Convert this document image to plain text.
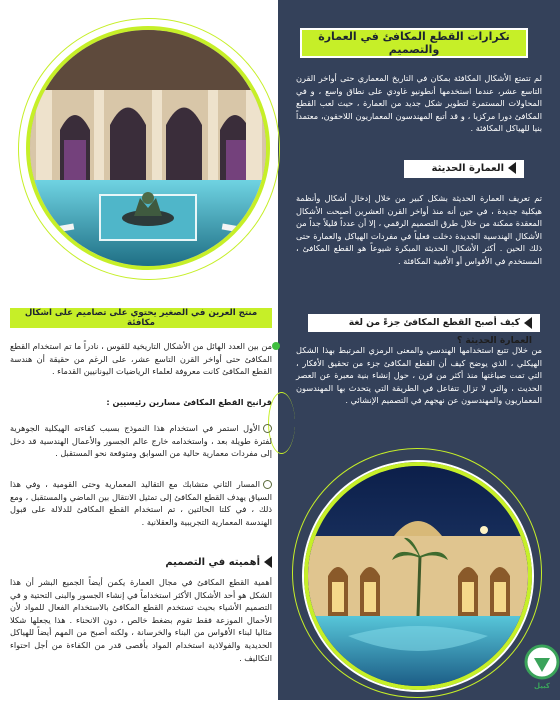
تكرارات القطع المكافئ في العمارة والتصميم
لم تتمتع الأشكال المكافئة بمكان في التاريخ المعماري حتى أواخر القرن التاسع عشر، عندما استخدمها أنطونيو غاودي على نطاق واسع ، و في المحاولات المستمرة لتطوير شكل جديد من العمارة ، حيث لعب القطع المكافئ دورا مركزيا ، و قد أتبع المهندسون المعماريون اللاحقون، معتمداً بنيا للهياكل المكافئة .
العمارة الحديثة
تم تعريف العمارة الحديثة بشكل كبير من خلال إدخال أشكال وأنظمة هيكلية جديدة ، في حين أنه منذ أواخر القرن العشرين أصبحت الأشكال المعقدة ممكنة من خلال طرق التصميم الرقمي ، إلا أن عدداً قليلاً جداً من الأشكال الهندسية الجديدة دخلت فعلياً في مفردات الهياكل والعمارة حتى ذلك الحين . أكثر الأشكال الحديثة المبكرة شيوعاً هو القطع المكافئ ، المستخدم في الأقواس أو الأقبية المكافئة .
كيف أصبح القطع المكافئ جزءً من لغة العمارة الحديثة ؟
من خلال تتبع استخدامها الهندسي والمعنى الرمزي المرتبط بهذا الشكل الهيكلي ، الذي يوضح كيف أن القطع المكافئ جزء من تحقيق الأفكار ، التي تمت صياغتها منذ أكثر من قرن ، حول إنشاء بنية معبرة عن العصر الحديث ، والتي لا تزال تتفاعل في الطريقة التي يتحدث بها المهندسون المعماريون والمهندسون عن نهجهم في التصميم الإنشائي .
منتج العرين في الصغير يحتوي على تصاميم على اشكال مكافئة
من بين العدد الهائل من الأشكال التاريخية للقوس ، نادراً ما تم استخدام القطع المكافئ حتى أواخر القرن التاسع عشر، على الرغم من حقيقة أن هندسة القطع المكافئ كانت معروفة لعلماء الرياضيات اليونانيين القدماء .
قرانيح القطع المكافئ مسارين رئيسيين :
الأول استمر في استخدام هذا النموذج بسبب كفاءته الهيكلية الجوهرية لفترة طويلة بعد ، واستخدامه خارج عالم الجسور والأعمال الهندسية قد دخل إلى مفردات معمارية حالية من السوابق ومتوقعة نحو المستقبل .
المسار الثاني متشابك مع التقاليد المعمارية وحتى القومية ، وفي هذا السياق يهدف القطع المكافئ إلى تمثيل الانتقال بين الماضي والمستقبل ، ومع ذلك ، في كلتا الحالتين ، تم استخدام القطع المكافئ للدلالة على قبول الهندسة المعمارية التجريبية والعقلانية .
أهميته في التصميم
أهمية القطع المكافئ في مجال العمارة يكمن أيضاً الجميع البشر أن هذا الشكل هو أحد الأشكال الأكثر استخداماً في إنشاء الجسور والبنى التحتية و في التصميم الأشياء بحيث تستخدم القطع المكافئ بالاستخدام الفعال للمواد لأن الأحمال الموزعة فقط تقوم بضغط خالص ، دون الانحناء . هذا يجعلها شكلا مثاليا لبناء الأقواس من البناء والخرسانة ، ولكنه أصبح من المهم أيضاً للهياكل الحديدية والفولاذية استخدام المواد بأقصى قدر من الكفاءة من أجل احتواء التكاليف .
كبيل
